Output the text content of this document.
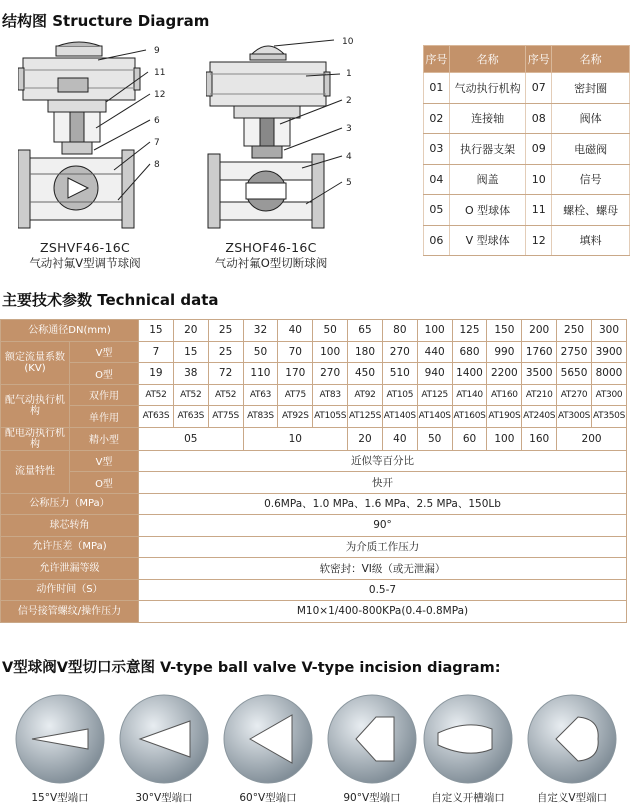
结构图 Structure Diagram
9
11
12
6
7
8
ZSHVF46-16C
气动衬氟V型调节球阀
10
1
2
3
4
5
ZSHOF46-16C
气动衬氟O型切断球阀
序号	名称	序号	名称
01	气动执行机构	07	密封圈
02	连接轴	08	阀体
03	执行器支架	09	电磁阀
04	阀盖	10	信号
05	O 型球体	11	螺栓、螺母
06	V 型球体	12	填料
主要技术参数 Technical data
公称通径DN(mm)		15	20	25	32	40	50	65	80	100	125	150	200	250	300
额定流量系数(KV)	V型	7	15	25	50	70	100	180	270	440	680	990	1760	2750	3900
	O型	19	38	72	110	170	270	450	510	940	1400	2200	3500	5650	8000
配气动执行机构	双作用	AT52	AT52	AT52	AT63	AT75	AT83	AT92	AT105	AT125	AT140	AT160	AT210	AT270	AT300
	单作用	AT63S	AT63S	AT75S	AT83S	AT92S	AT105S	AT125S	AT140S	AT140S	AT160S	AT190S	AT240S	AT300S	AT350S
配电动执行机构	精小型	05			10			20	40	50	60	100	160	200	
流量特性	V型	近似等百分比													
	O型	快开													
公称压力（MPa）		0.6MPa、1.0 MPa、1.6 MPa、2.5 MPa、150Lb													
球芯转角		90°													
允许压差（MPa)		为介质工作压力													
允许泄漏等级		软密封：VI级（或无泄漏）													
动作时间（S）		0.5-7													
信号接管螺纹/操作压力		M10×1/400-800KPa(0.4-0.8MPa)													
V型球阀V型切口示意图 V-type ball valve V-type incision diagram:
15°V型端口	30°V型端口	60°V型端口	90°V型端口	自定义开槽端口	自定义V型端口
